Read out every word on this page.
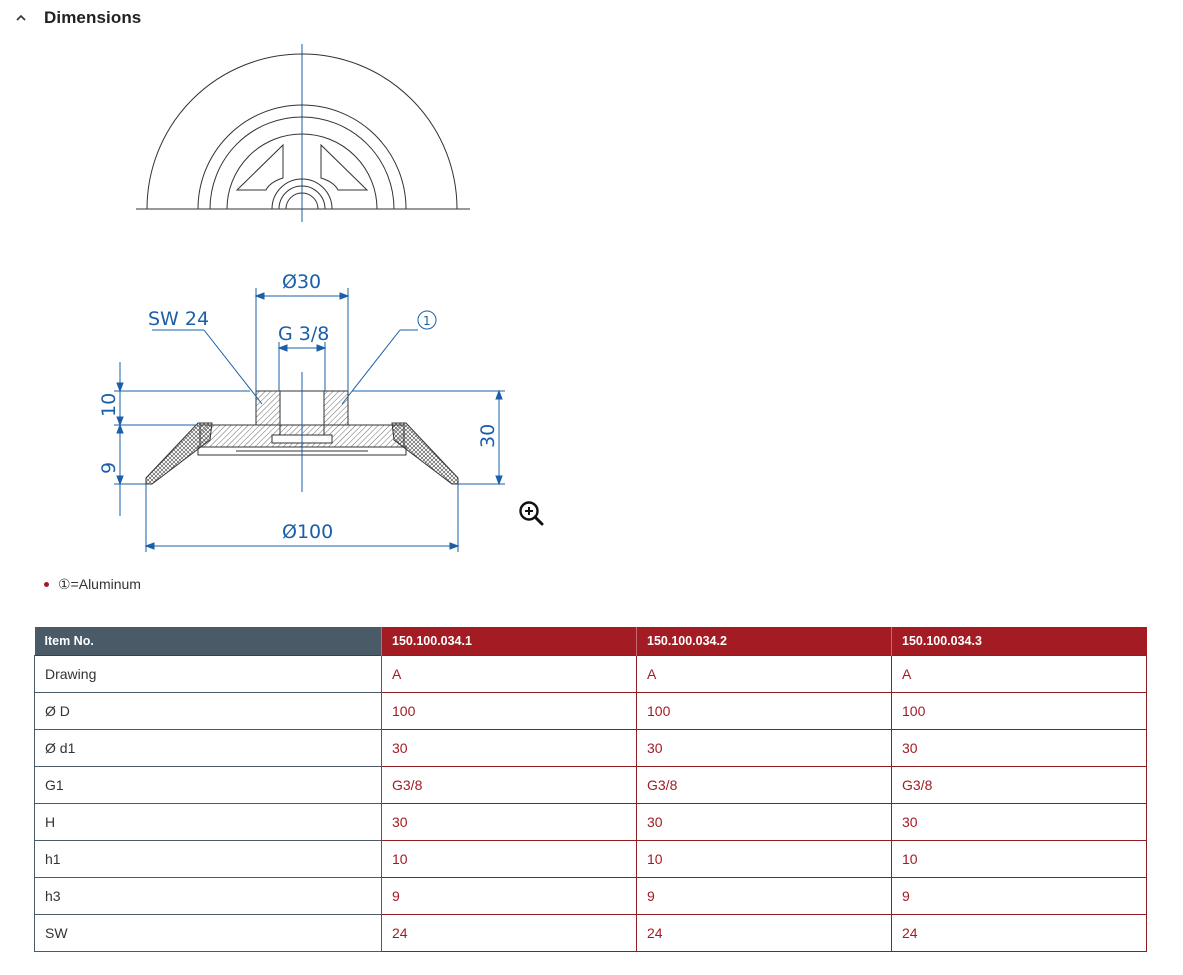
Dimensions
Ø30
SW 24
G 3/8
10
9
30
Ø100
1
①=Aluminum
Item No.	150.100.034.1	150.100.034.2	150.100.034.3
Drawing	A	A	A
Ø D	100	100	100
Ø d1	30	30	30
G1	G3/8	G3/8	G3/8
H	30	30	30
h1	10	10	10
h3	9	9	9
SW	24	24	24
